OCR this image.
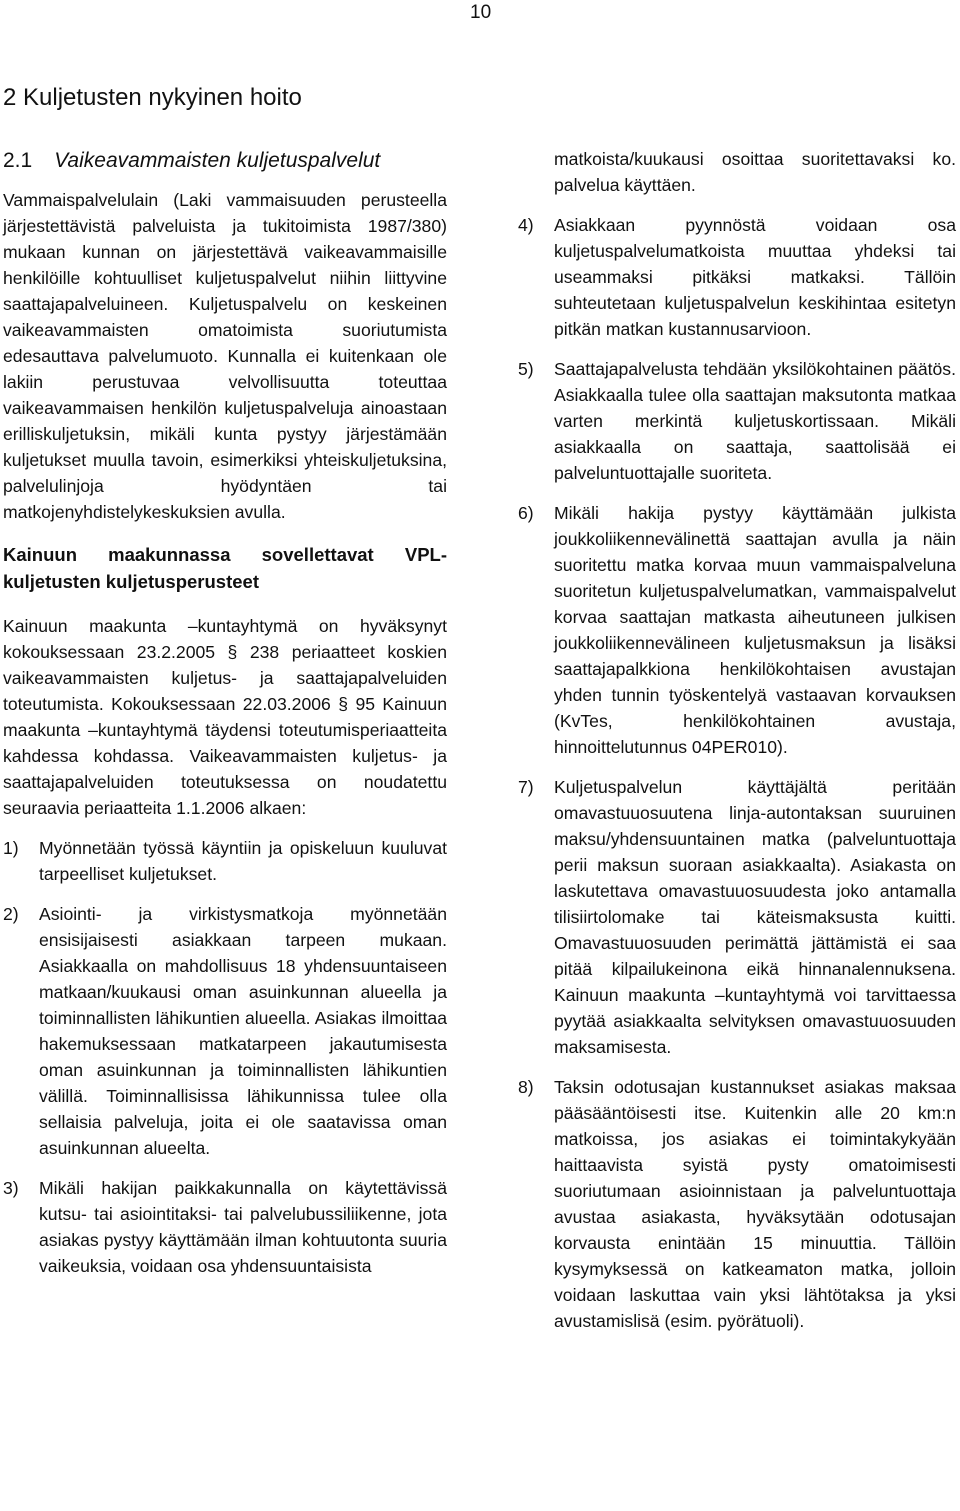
10
2 Kuljetusten nykyinen hoito
2.1 Vaikeavammaisten kuljetuspalvelut

Vammaispalvelulain (Laki vammaisuuden perusteella järjestettävistä palveluista ja tukitoimista 1987/380) mukaan kunnan on järjestettävä vaikeavammaisille henkilöille kohtuulliset kuljetuspalvelut niihin liittyvine saattajapalveluineen. Kuljetuspalvelu on keskeinen vaikeavammaisten omatoimista suoriutumista edesauttava palvelumuoto. Kunnalla ei kuitenkaan ole lakiin perustuvaa velvollisuutta toteuttaa vaikeavammaisen henkilön kuljetuspalveluja ainoastaan erilliskuljetuksin, mikäli kunta pystyy järjestämään kuljetukset muulla tavoin, esimerkiksi yhteiskuljetuksina, palvelulinjoja hyödyntäen tai matkojenyhdistelykeskuksien avulla.

Kainuun maakunnassa sovellettavat VPL-kuljetusten kuljetusperusteet

Kainuun maakunta –kuntayhtymä on hyväksynyt kokouksessaan 23.2.2005 § 238 periaatteet koskien vaikeavammaisten kuljetus- ja saattajapalveluiden toteutumista. Kokouksessaan 22.03.2006 § 95 Kainuun maakunta –kuntayhtymä täydensi toteutumisperiaatteita kahdessa kohdassa. Vaikeavammaisten kuljetus- ja saattajapalveluiden toteutuksessa on noudatettu seuraavia periaatteita 1.1.2006 alkaen:

1)	Myönnetään työssä käyntiin ja opiskeluun kuuluvat tarpeelliset kuljetukset.
2)	Asiointi- ja virkistysmatkoja myönnetään ensisijaisesti asiakkaan tarpeen mukaan. Asiakkaalla on mahdollisuus 18 yhdensuuntaiseen matkaan/kuukausi oman asuinkunnan alueella ja toiminnallisten lähikuntien alueella. Asiakas ilmoittaa hakemuksessaan matkatarpeen jakautumisesta oman asuinkunnan ja toiminnallisten lähikuntien välillä. Toiminnallisissa lähikunnissa tulee olla sellaisia palveluja, joita ei ole saatavissa oman asuinkunnan alueelta.
3)	Mikäli hakijan paikkakunnalla on käytettävissä kutsu- tai asiointitaksi- tai palvelubussiliikenne, jota asiakas pystyy käyttämään ilman kohtuutonta suuria vaikeuksia, voidaan osa yhdensuuntaisista
matkoista/kuukausi osoittaa suoritettavaksi ko. palvelua käyttäen.
4)	Asiakkaan pyynnöstä voidaan osa kuljetuspalvelumatkoista muuttaa yhdeksi tai useammaksi pitkäksi matkaksi. Tällöin suhteutetaan kuljetuspalvelun keskihintaa esitetyn pitkän matkan kustannusarvioon.
5)	Saattajapalvelusta tehdään yksilökohtainen päätös. Asiakkaalla tulee olla saattajan maksutonta matkaa varten merkintä kuljetuskortissaan. Mikäli asiakkaalla on saattaja, saattolisää ei palveluntuottajalle suoriteta.
6)	Mikäli hakija pystyy käyttämään julkista joukkoliikennevälinettä saattajan avulla ja näin suoritettu matka korvaa muun vammaispalveluna suoritetun kuljetuspalvelumatkan, vammaispalvelut korvaa saattajan matkasta aiheutuneen julkisen joukkoliikennevälineen kuljetusmaksun ja lisäksi saattajapalkkiona henkilökohtaisen avustajan yhden tunnin työskentelyä vastaavan korvauksen (KvTes, henkilökohtainen avustaja, hinnoittelutunnus 04PER010).
7)	Kuljetuspalvelun käyttäjältä peritään omavastuuosuutena linja-autontaksan suuruinen maksu/yhdensuuntainen matka (palveluntuottaja perii maksun suoraan asiakkaalta). Asiakasta on laskutettava omavastuuosuudesta joko antamalla tilisiirtolomake tai käteismaksusta kuitti. Omavastuuosuuden perimättä jättämistä ei saa pitää kilpailukeinona eikä hinnanalennuksena. Kainuun maakunta –kuntayhtymä voi tarvittaessa pyytää asiakkaalta selvityksen omavastuuosuuden maksamisesta.
8)	Taksin odotusajan kustannukset asiakas maksaa pääsääntöisesti itse. Kuitenkin alle 20 km:n matkoissa, jos asiakas ei toimintakykyään haittaavista syistä pysty omatoimisesti suoriutumaan asioinnistaan ja palveluntuottaja avustaa asiakasta, hyväksytään odotusajan korvausta enintään 15 minuuttia. Tällöin kysymyksessä on katkeamaton matka, jolloin voidaan laskuttaa vain yksi lähtötaksa ja yksi avustamislisä (esim. pyörätuoli).
